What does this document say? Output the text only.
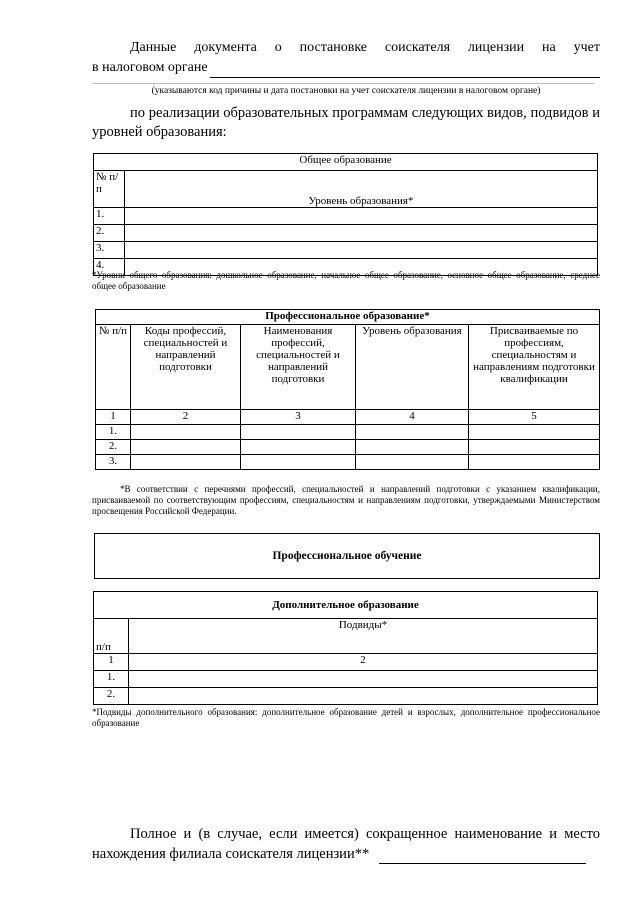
Данные документа о постановке соискателя лицензии на учет
в налоговом органе
(указываются код причины и дата постановки на учет соискателя лицензии в налоговом органе)
по реализации образовательных программам следующих видов, подвидов и уровней образования:
Общее образование	
№ п/п	Уровень образования*
1.	
2.	
3.	
4.	
*Уровни общего образования: дошкольное образование, начальное общее образование, основное общее образование, среднее общее образование
Профессиональное образование*				
№ п/п	Коды профессий, специальностей и направлений подготовки	Наименования профессий, специальностей и направлений подготовки	Уровень образования	Присваиваемые по профессиям, специальностям и направлениям подготовки квалификации
1	2	3	4	5
1.				
2.				
3.				
*В соответствии с перечнями профессий, специальностей и направлений подготовки с указанием квалификации, присваиваемой по соответствующим профессиям, специальностям и направлениям подготовки, утверждаемыми Министерством просвещения Российской Федерации.
Профессиональное обучение
Дополнительное образование	
п/п	Подвиды*
1	2
1.	
2.	
*Подвиды дополнительного образования: дополнительное образование детей и взрослых, дополнительное профессиональное образование
Полное и (в случае, если имеется) сокращенное наименование и место
нахождения филиала соискателя лицензии**
